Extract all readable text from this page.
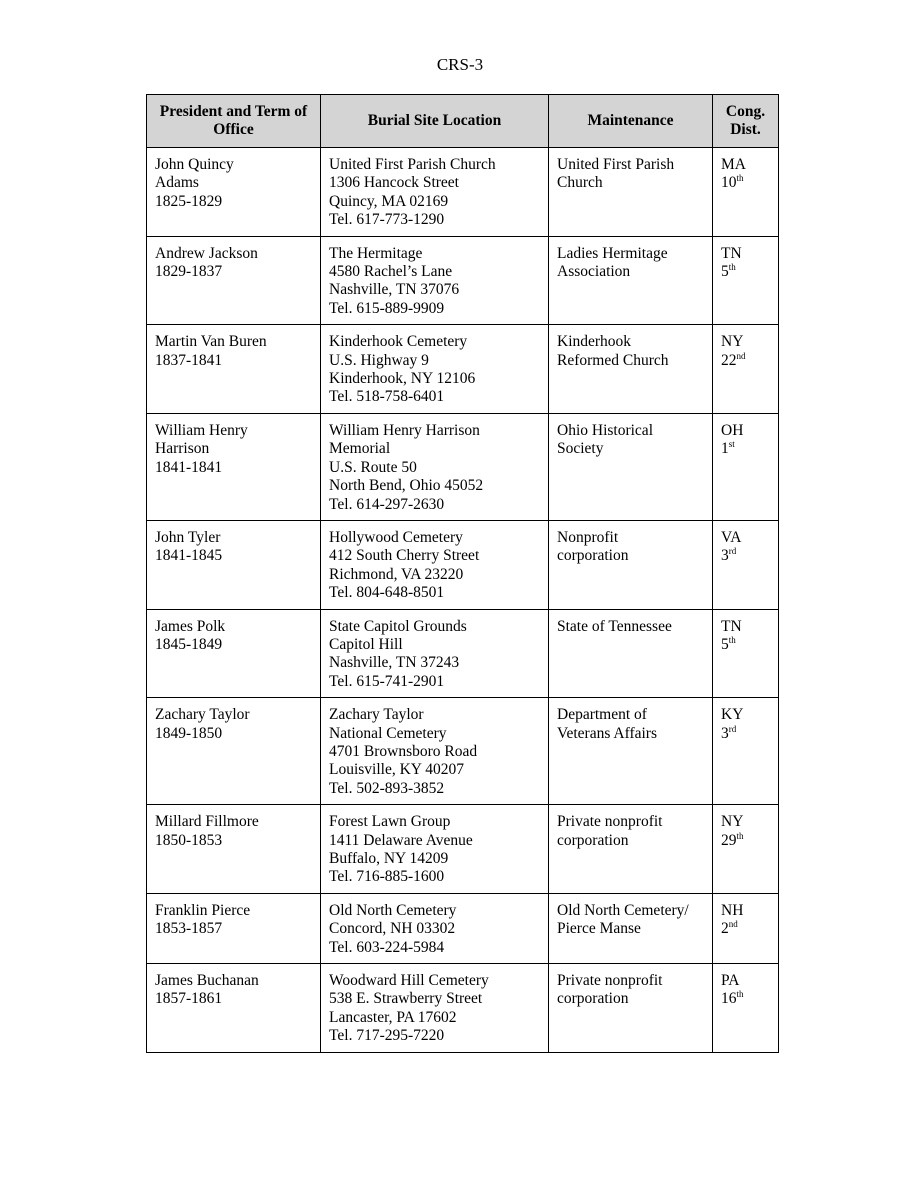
CRS-3
President and Term of Office	Burial Site Location	Maintenance	Cong. Dist.

John Quincy
Adams
1825-1829	United First Parish Church
1306 Hancock Street
Quincy, MA 02169
Tel. 617-773-1290	United First Parish
Church	MA
10th

Andrew Jackson
1829-1837	The Hermitage
4580 Rachel’s Lane
Nashville, TN 37076
Tel. 615-889-9909	Ladies Hermitage
Association	TN
5th

Martin Van Buren
1837-1841	Kinderhook Cemetery
U.S. Highway 9
Kinderhook, NY 12106
Tel. 518-758-6401	Kinderhook
Reformed Church	NY
22nd

William Henry
Harrison
1841-1841	William Henry Harrison
Memorial
U.S. Route 50
North Bend, Ohio 45052
Tel. 614-297-2630	Ohio Historical
Society	OH
1st

John Tyler
1841-1845	Hollywood Cemetery
412 South Cherry Street
Richmond, VA 23220
Tel. 804-648-8501	Nonprofit
corporation	VA
3rd

James Polk
1845-1849	State Capitol Grounds
Capitol Hill
Nashville, TN 37243
Tel. 615-741-2901	State of Tennessee	TN
5th

Zachary Taylor
1849-1850	Zachary Taylor
National Cemetery
4701 Brownsboro Road
Louisville, KY 40207
Tel. 502-893-3852	Department of
Veterans Affairs	KY
3rd

Millard Fillmore
1850-1853	Forest Lawn Group
1411 Delaware Avenue
Buffalo, NY 14209
Tel. 716-885-1600	Private nonprofit
corporation	NY
29th

Franklin Pierce
1853-1857	Old North Cemetery
Concord, NH 03302
Tel. 603-224-5984	Old North Cemetery/
Pierce Manse	NH
2nd

James Buchanan
1857-1861	Woodward Hill Cemetery
538 E. Strawberry Street
Lancaster, PA 17602
Tel. 717-295-7220	Private nonprofit
corporation	PA
16th
